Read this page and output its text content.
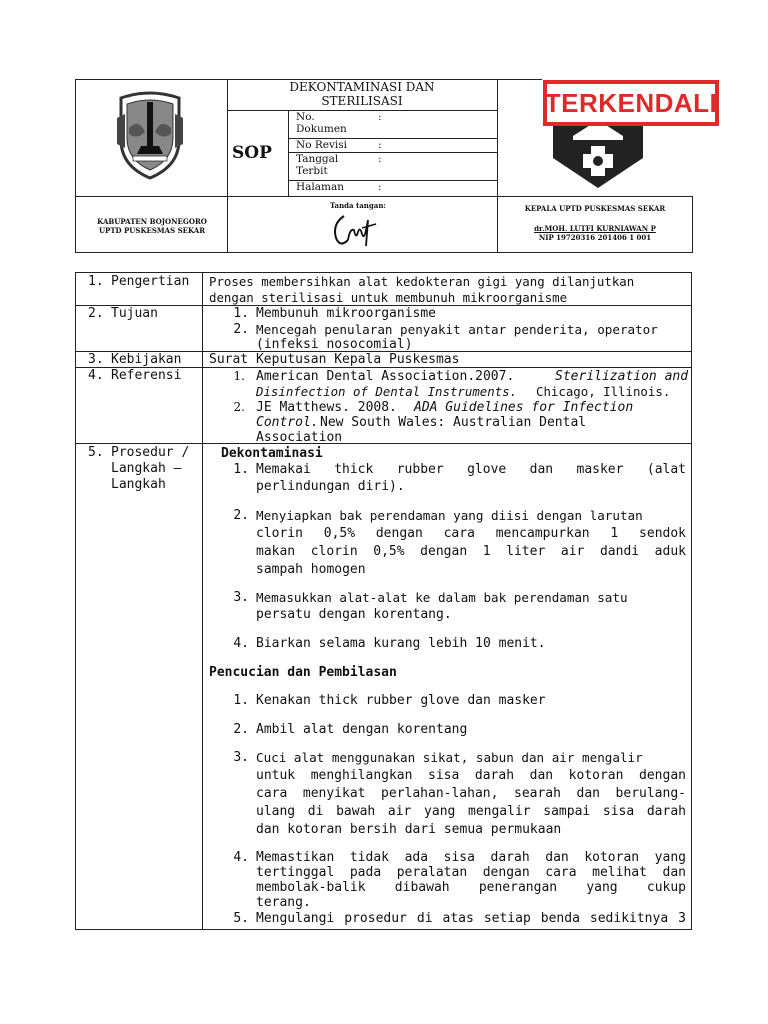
DEKONTAMINASI DAN
STERILISASI
SOP
No. Dokumen
:
No Revisi	:
Tanggal Terbit
:
Halaman	:
TERKENDALI
KABUPATEN BOJONEGORO
UPTD PUSKESMAS SEKAR
Tanda tangan:	KEPALA UPTD PUSKESMAS SEKAR
dr.MOH. LUTFI KURNIAWAN P
NIP 19720316 201406 1 001
1. Pengertian Proses membersihkan alat kedokteran gigi yang dilanjutkan
dengan sterilisasi untuk membunuh mikroorganisme
2. Tujuan	1. Membunuh mikroorganisme
2. Mencegah penularan penyakit antar penderita, operator
(infeksi nosocomial)
3. Kebijakan Surat Keputusan Kepala Puskesmas
4. Referensi	1. American Dental Association.2007.	Sterilization and
Disinfection of Dental Instruments. Chicago, Illinois.
2. JE Matthews. 2008. ADA Guidelines for Infection
Control. New South Wales: Australian Dental
Association
5. Prosedur /
Langkah –
Langkah
Dekontaminasi
1. Memakai thick rubber glove dan masker (alat
perlindungan diri).
2. Menyiapkan bak perendaman yang diisi dengan larutan
clorin 0,5% dengan cara mencampurkan 1 sendok
makan clorin 0,5% dengan 1 liter air dandi aduk
sampah homogen
3. Memasukkan alat-alat ke dalam bak perendaman satu
persatu dengan korentang.
4. Biarkan selama kurang lebih 10 menit.
Pencucian dan Pembilasan
1. Kenakan thick rubber glove dan masker
2. Ambil alat dengan korentang
3. Cuci alat menggunakan sikat, sabun dan air mengalir
untuk menghilangkan sisa darah dan kotoran dengan
cara menyikat perlahan-lahan, searah dan berulang-
ulang di bawah air yang mengalir sampai sisa darah
dan kotoran bersih dari semua permukaan
4. Memastikan tidak ada sisa darah dan kotoran yang
tertinggal pada peralatan dengan cara melihat dan
membolak-balik dibawah penerangan yang cukup
terang.
5. Mengulangi prosedur di atas setiap benda sedikitnya 3
